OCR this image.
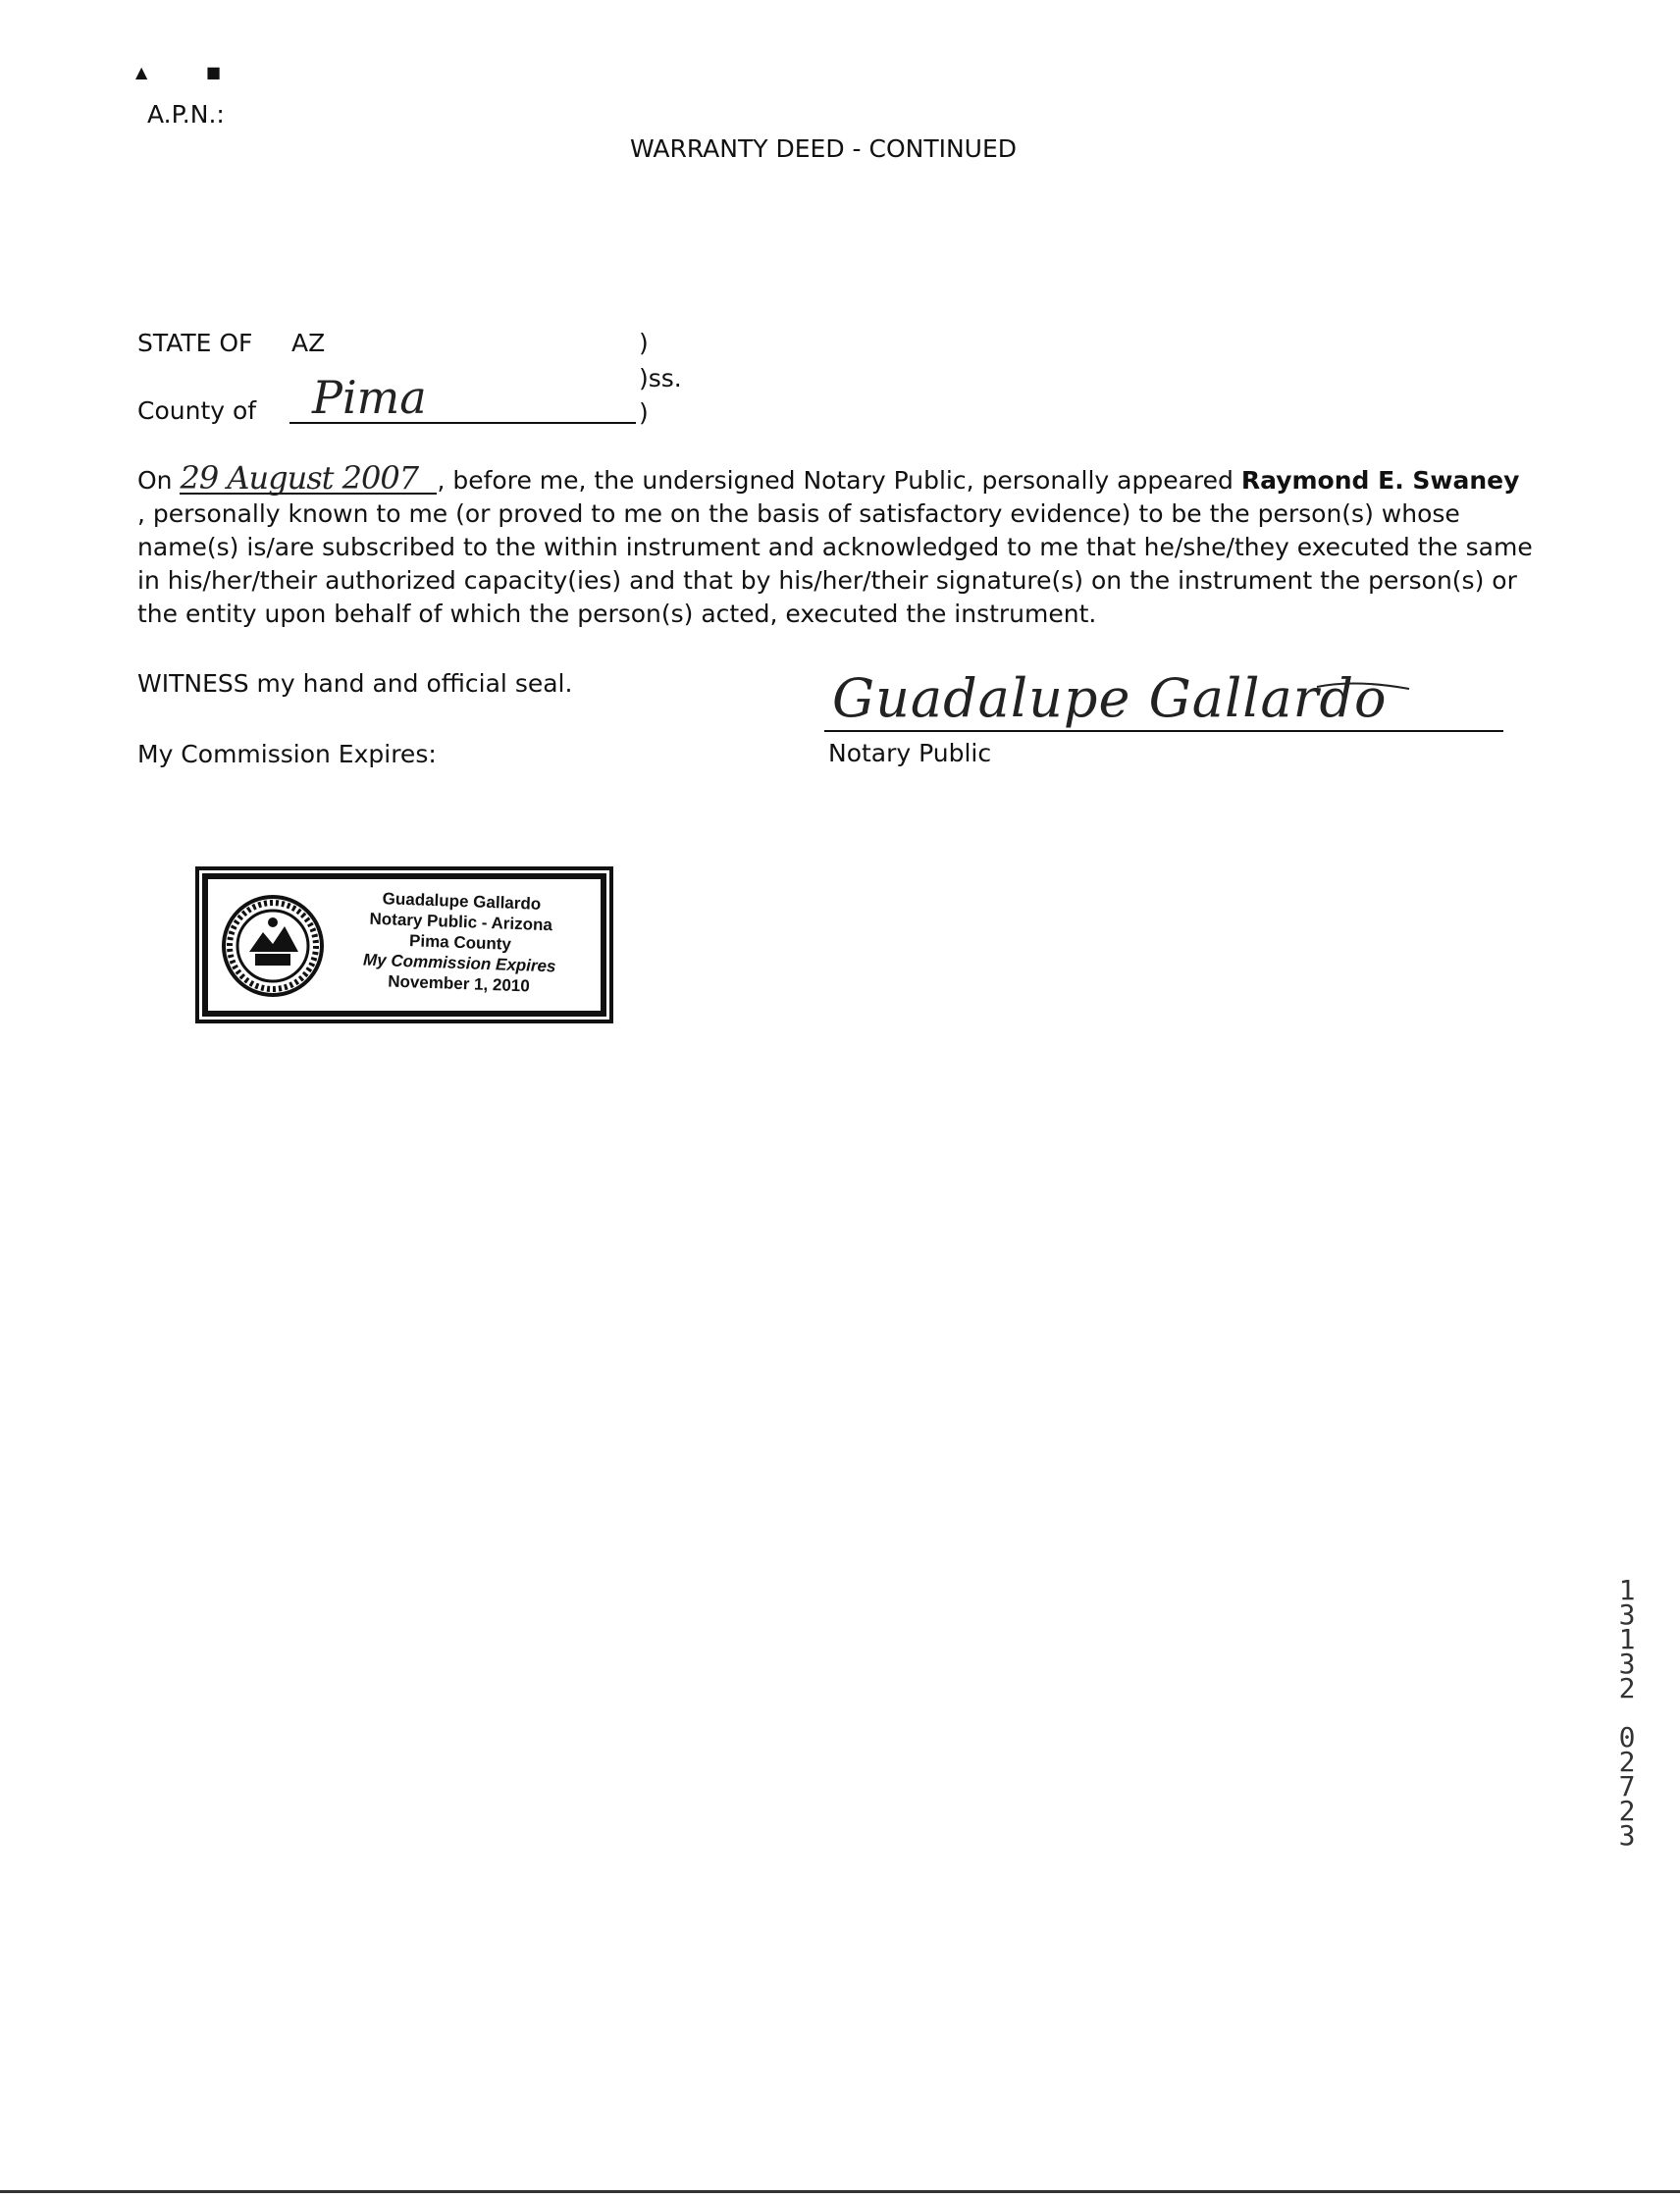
▲	■
A.P.N.:
WARRANTY DEED - CONTINUED
STATE OF AZ	)
)ss.
County of Pima	)
On 29 August 2007 , before me, the undersigned Notary Public, personally appeared Raymond E. Swaney
, personally known to me (or proved to me on the basis of satisfactory evidence) to be the person(s) whose
name(s) is/are subscribed to the within instrument and acknowledged to me that he/she/they executed the same
in his/her/their authorized capacity(ies) and that by his/her/their signature(s) on the instrument the person(s) or
the entity upon behalf of which the person(s) acted, executed the instrument.
WITNESS my hand and official seal.
My Commission Expires:
Guadalupe Gallardo
Notary Public
Guadalupe Gallardo
Notary Public - Arizona
Pima County
My Commission Expires
November 1, 2010
1
3
1
3
2
0
2
7
2
3
